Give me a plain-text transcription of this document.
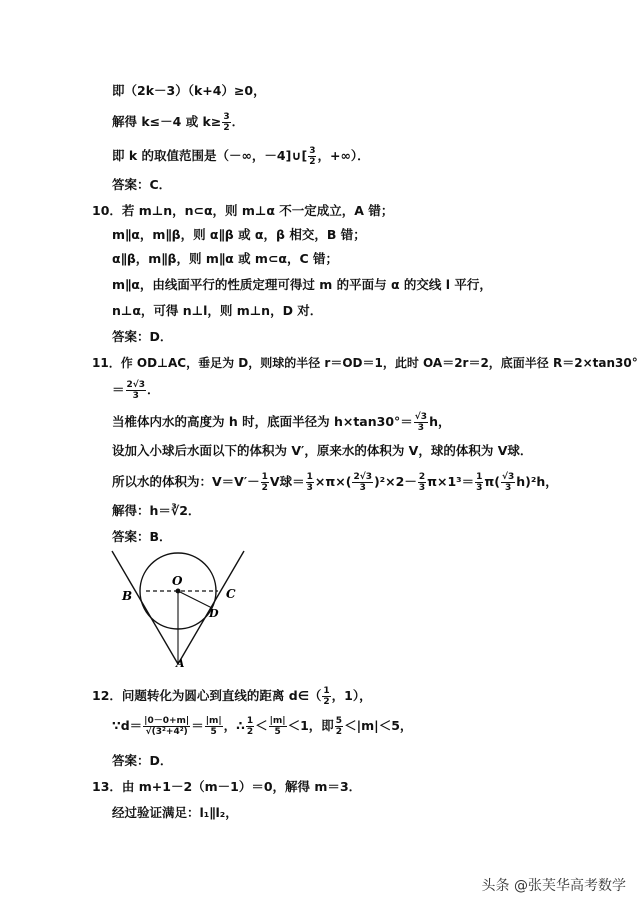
即（2k－3）（k+4）≥0，
解得 k≤－4 或 $k\ge \frac{3}{2}$ ．
即 k 的取值范围是（－∞，－4]∪[ $\frac{3}{2}$ ，+∞）．
答案：C．
10．若 m⊥n，n⊂α，则 m⊥α 不一定成立，A 错；
m∥α，m∥β，则 α∥β 或 α，β 相交，B 错；
α∥β，m∥β，则 m∥α 或 m⊂α，C 错；
m∥α，由线面平行的性质定理可得过 m 的平面与 α 的交线 l 平行，
n⊥α，可得 n⊥l，则 m⊥n，D 对．
答案：D．
11．作 OD⊥AC，垂足为 D，则球的半径 r＝OD＝1，此时 OA＝2r＝2，底面半径 R＝2×tan30°
＝ $\frac{2√3}{3}$ ．
当椎体内水的高度为 h 时，底面半径为 $h\times\tan 30^\circ= \frac{√3}{3}$ h，
设加入小球后水面以下的体积为 V′，原来水的体积为 V，球的体积为 V球．
所以水的体积为：$V=V'- \frac{1}{2}$ V球＝ $\frac{1}{3} \times\pi\times( \frac{2√3}{3} )^2\times 2- \frac{2}{3} \pi\times 1^3= \frac{1}{3} \pi( \frac{√3}{3} h)^2h$，
解得：h＝∛2．
答案：B．
O
B	C
D
A
12．问题转化为圆心到直线的距离 d∈（ $\frac{1}{2}$ ，1），
∵d＝ $\frac{|0-0+m|}{\text{√(3²+4²)}} = \frac{|m|}{5}$ ，∴ $\frac{1}{2} < \frac{|m|}{5} <1$，即 $\frac{5}{2} <|m|<5$，
答案：D．
13．由 m+1－2（m－1）＝0，解得 m＝3．
经过验证满足：l₁∥l₂，
头条 @张芙华高考数学
